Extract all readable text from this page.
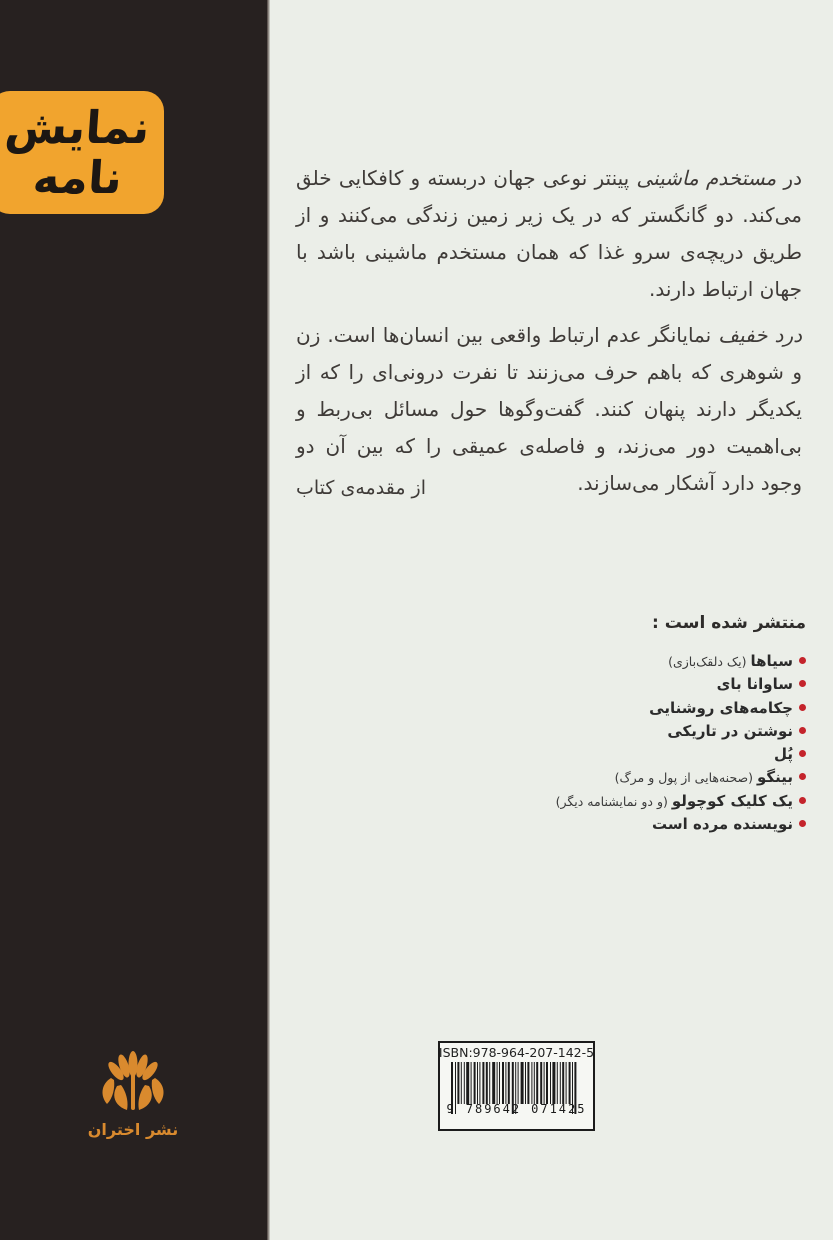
نمایش
نامه	در مستخدم ماشینی پینتر نوعی جهان دربسته و کافکایی خلق می‌کند. دو گانگستر که در یک زیر زمین زندگی می‌کنند و از طریق دریچه‌ی سرو غذا که همان مستخدم ماشینی باشد با جهان ارتباط دارند.

درد خفیف نمایانگر عدم ارتباط واقعی بین انسان‌ها است. زن و شوهری که باهم حرف می‌زنند تا نفرت درونی‌ای را که از یکدیگر دارند پنهان کنند. گفت‌وگوها حول مسائل بی‌ربط و بی‌اهمیت دور می‌زند، و فاصله‌ی عمیقی را که بین آن دو وجود دارد آشکار می‌سازند.

از مقدمه‌ی کتاب
منتشر شده است :
سیاها (یک دلقک‌بازی)
ساوانا بای
چکامه‌های روشنایی
نوشتن در تاریکی
پُل
بینگو (صحنه‌هایی از پول و مرگ)
یک کلیک کوچولو (و دو نمایشنامه دیگر)
نویسنده مرده است
نشر اختران
ISBN:978-964-207-142-5
9 789642 071425
